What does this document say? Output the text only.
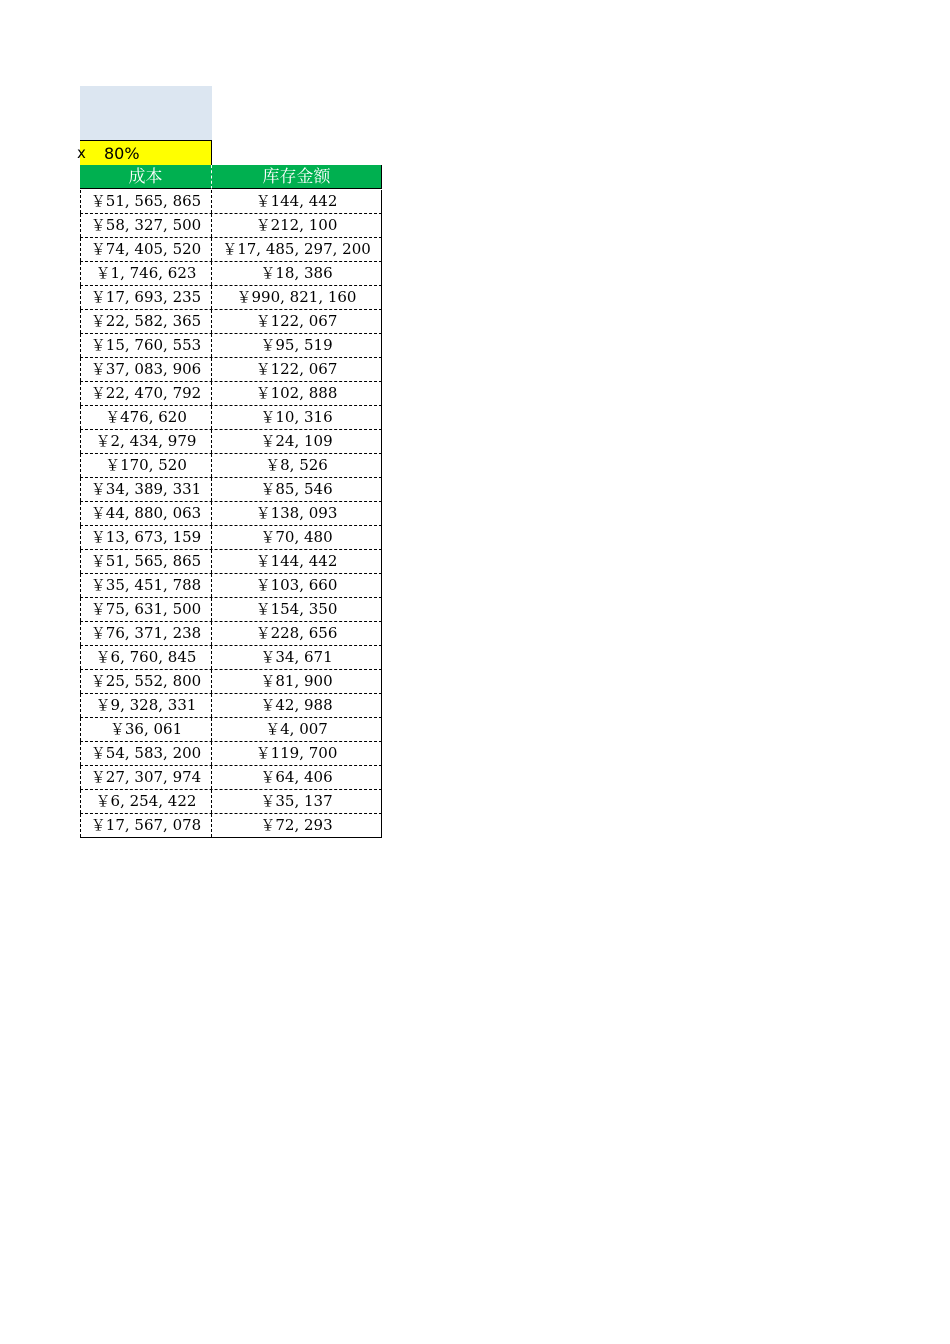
x 80%
成本	库存金额
￥51, 565, 865	￥144, 442
￥58, 327, 500	￥212, 100
￥74, 405, 520	￥17, 485, 297, 200
￥1, 746, 623	￥18, 386
￥17, 693, 235	￥990, 821, 160
￥22, 582, 365	￥122, 067
￥15, 760, 553	￥95, 519
￥37, 083, 906	￥122, 067
￥22, 470, 792	￥102, 888
￥476, 620	￥10, 316
￥2, 434, 979	￥24, 109
￥170, 520	￥8, 526
￥34, 389, 331	￥85, 546
￥44, 880, 063	￥138, 093
￥13, 673, 159	￥70, 480
￥51, 565, 865	￥144, 442
￥35, 451, 788	￥103, 660
￥75, 631, 500	￥154, 350
￥76, 371, 238	￥228, 656
￥6, 760, 845	￥34, 671
￥25, 552, 800	￥81, 900
￥9, 328, 331	￥42, 988
￥36, 061	￥4, 007
￥54, 583, 200	￥119, 700
￥27, 307, 974	￥64, 406
￥6, 254, 422	￥35, 137
￥17, 567, 078	￥72, 293
